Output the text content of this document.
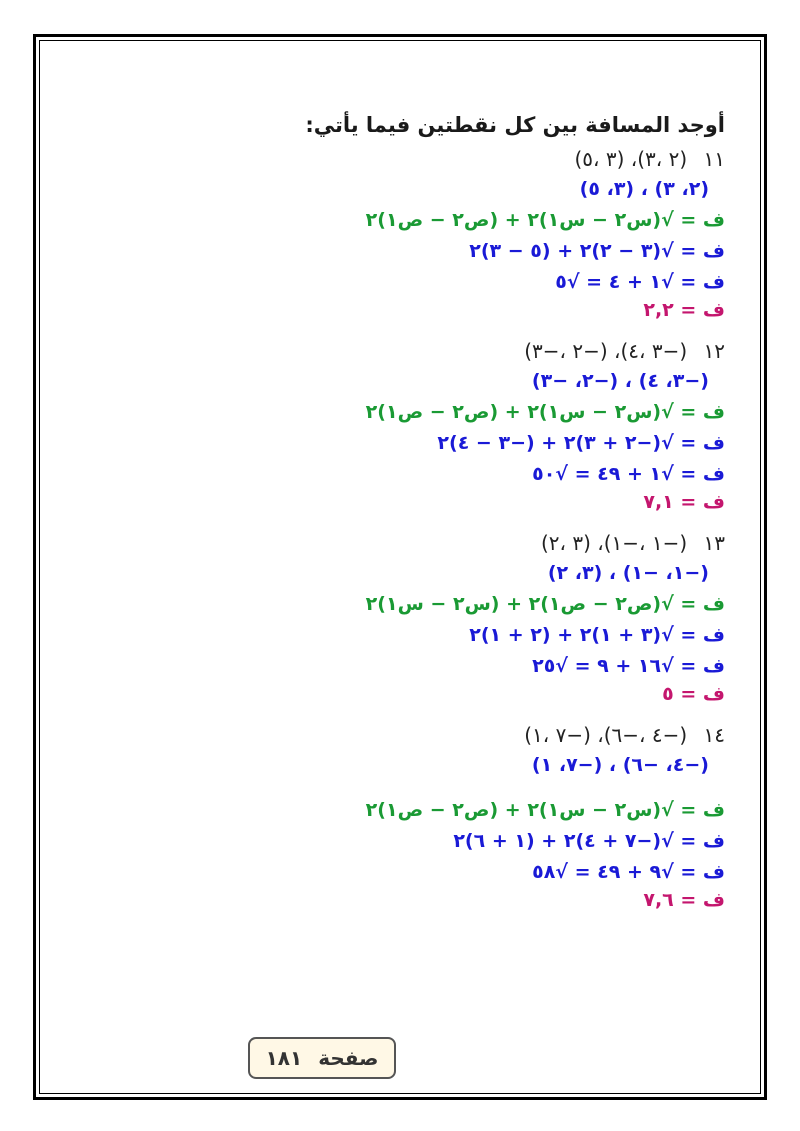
أوجد المسافة بين كل نقطتين فيما يأتي:
١١ (٢ ،٣)، (٣ ،٥)
(٢، ٣) ، (٣، ٥)
ف = √(س٢ − س١)٢ + (ص٢ − ص١)٢
ف = √(٣ − ٢)٢ + (٥ − ٣)٢
ف = √١ + ٤ = √٥
ف = ٢,٢
١٢ (−٣ ،٤)، (−٢ ،−٣)
(−٣، ٤) ، (−٢، −٣)
ف = √(س٢ − س١)٢ + (ص٢ − ص١)٢
ف = √(−٢ + ٣)٢ + (−٣ − ٤)٢
ف = √١ + ٤٩ = √٥٠
ف = ٧,١
١٣ (−١ ،−١)، (٣ ،٢)
(−١، −١) ، (٣، ٢)
ف = √(ص٢ − ص١)٢ + (س٢ − س١)٢
ف = √(٣ + ١)٢ + (٢ + ١)٢
ف = √١٦ + ٩ = √٢٥
ف = ٥
١٤ (−٤ ،−٦)، (−٧ ،١)
(−٤، −٦) ، (−٧، ١)
ف = √(س٢ − س١)٢ + (ص٢ − ص١)٢
ف = √(−٧ + ٤)٢ + (١ + ٦)٢
ف = √٩ + ٤٩ = √٥٨
ف = ٧,٦
صفحة
١٨١
